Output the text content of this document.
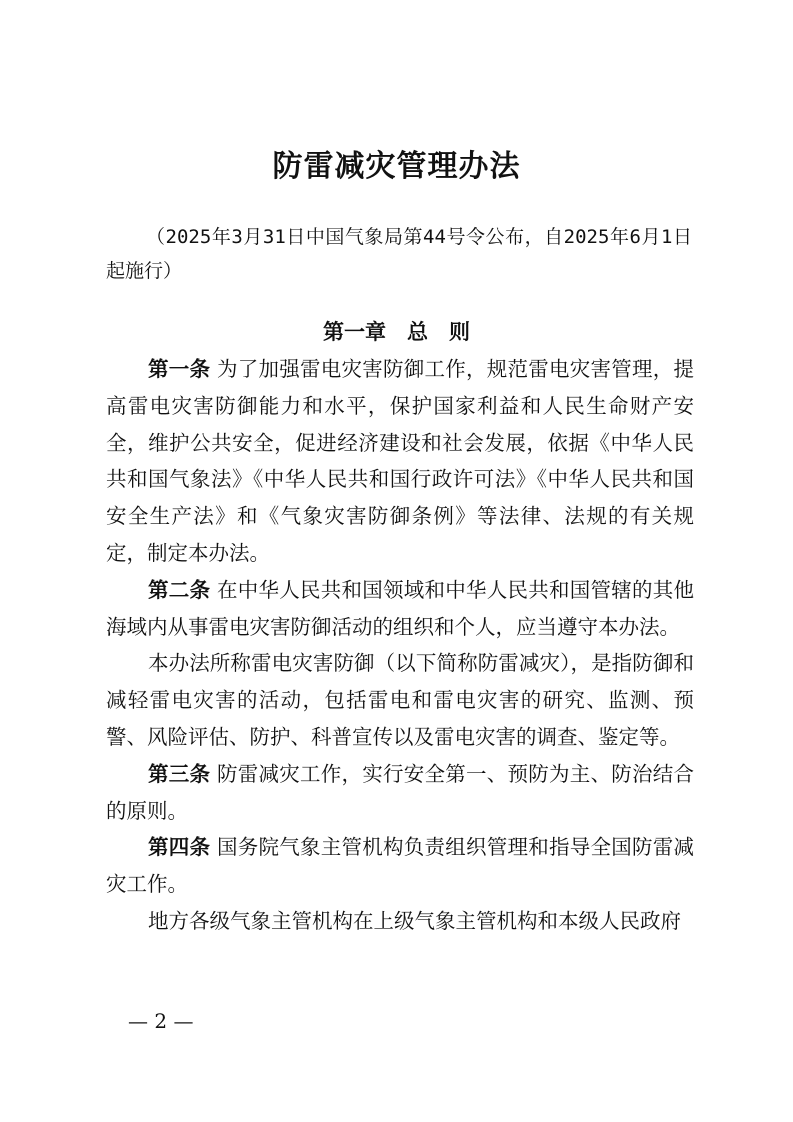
防雷减灾管理办法
（2025年3月31日中国气象局第44号令公布，自2025年6月1日起施行）
第一章　总　则

第一条 为了加强雷电灾害防御工作，规范雷电灾害管理，提高雷电灾害防御能力和水平，保护国家利益和人民生命财产安全，维护公共安全，促进经济建设和社会发展，依据《中华人民共和国气象法》《中华人民共和国行政许可法》《中华人民共和国安全生产法》和《气象灾害防御条例》等法律、法规的有关规定，制定本办法。

第二条 在中华人民共和国领域和中华人民共和国管辖的其他海域内从事雷电灾害防御活动的组织和个人，应当遵守本办法。

本办法所称雷电灾害防御（以下简称防雷减灾），是指防御和减轻雷电灾害的活动，包括雷电和雷电灾害的研究、监测、预警、风险评估、防护、科普宣传以及雷电灾害的调查、鉴定等。

第三条 防雷减灾工作，实行安全第一、预防为主、防治结合的原则。

第四条 国务院气象主管机构负责组织管理和指导全国防雷减灾工作。

地方各级气象主管机构在上级气象主管机构和本级人民政府

— 2 —
